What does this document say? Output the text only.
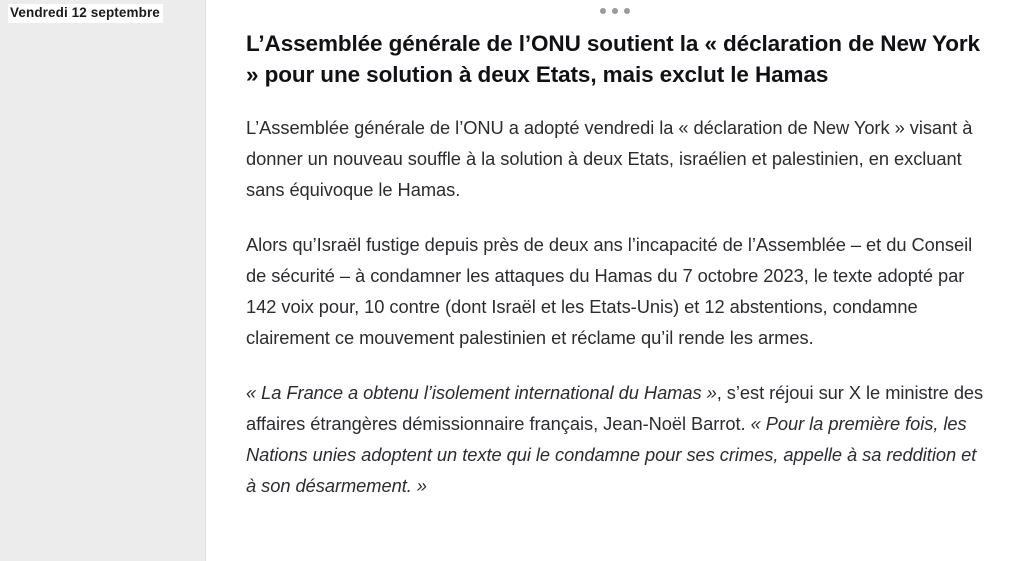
Vendredi 12 septembre
L’Assemblée générale de l’ONU soutient la « déclaration de New York » pour une solution à deux Etats, mais exclut le Hamas

L’Assemblée générale de l’ONU a adopté vendredi la « déclaration de New York » visant à donner un nouveau souffle à la solution à deux Etats, israélien et palestinien, en excluant sans équivoque le Hamas.

Alors qu’Israël fustige depuis près de deux ans l’incapacité de l’Assemblée – et du Conseil de sécurité – à condamner les attaques du Hamas du 7 octobre 2023, le texte adopté par 142 voix pour, 10 contre (dont Israël et les Etats-Unis) et 12 abstentions, condamne clairement ce mouvement palestinien et réclame qu’il rende les armes.

« La France a obtenu l’isolement international du Hamas », s’est réjoui sur X le ministre des affaires étrangères démissionnaire français, Jean-Noël Barrot. « Pour la première fois, les Nations unies adoptent un texte qui le condamne pour ses crimes, appelle à sa reddition et à son désarmement. »
